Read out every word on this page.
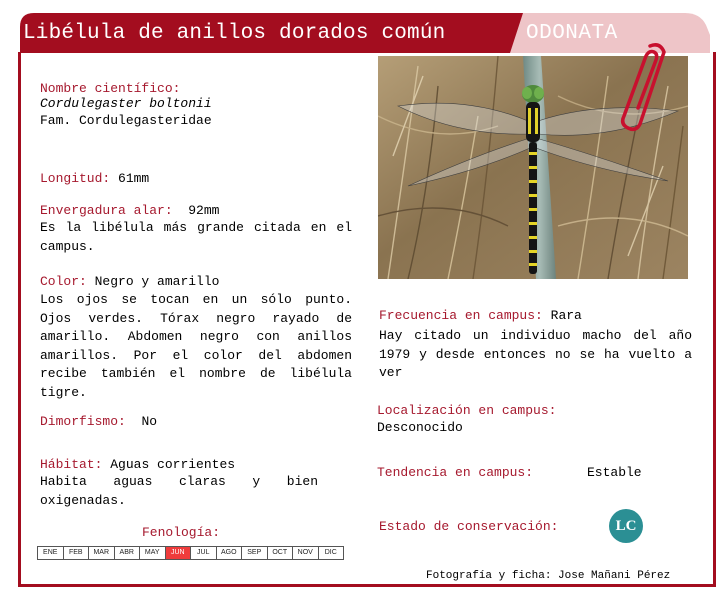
Libélula de anillos dorados común	ODONATA
Nombre científico:
Cordulegaster boltonii
Fam. Cordulegasteridae
Longitud: 61mm
Envergadura alar: 92mm
Es la libélula más grande citada en el campus.
Color: Negro y amarillo
Los ojos se tocan en un sólo punto. Ojos verdes. Tórax negro rayado de amarillo. Abdomen negro con anillos amarillos. Por el color del abdomen recibe también el nombre de libélula tigre.
Dimorfismo: No
Hábitat: Aguas corrientes
Habita aguas claras y bien oxigenadas.
Fenología:
ENE	FEB	MAR	ABR	MAY	JUN	JUL	AGO	SEP	OCT	NOV	DIC
Frecuencia en campus: Rara
Hay citado un individuo macho del año 1979 y desde entonces no se ha vuelto a ver
Localización en campus:
Desconocido
Tendencia en campus:	Estable
Estado de conservación:	LC
Fotografía y ficha: Jose Mañani Pérez
